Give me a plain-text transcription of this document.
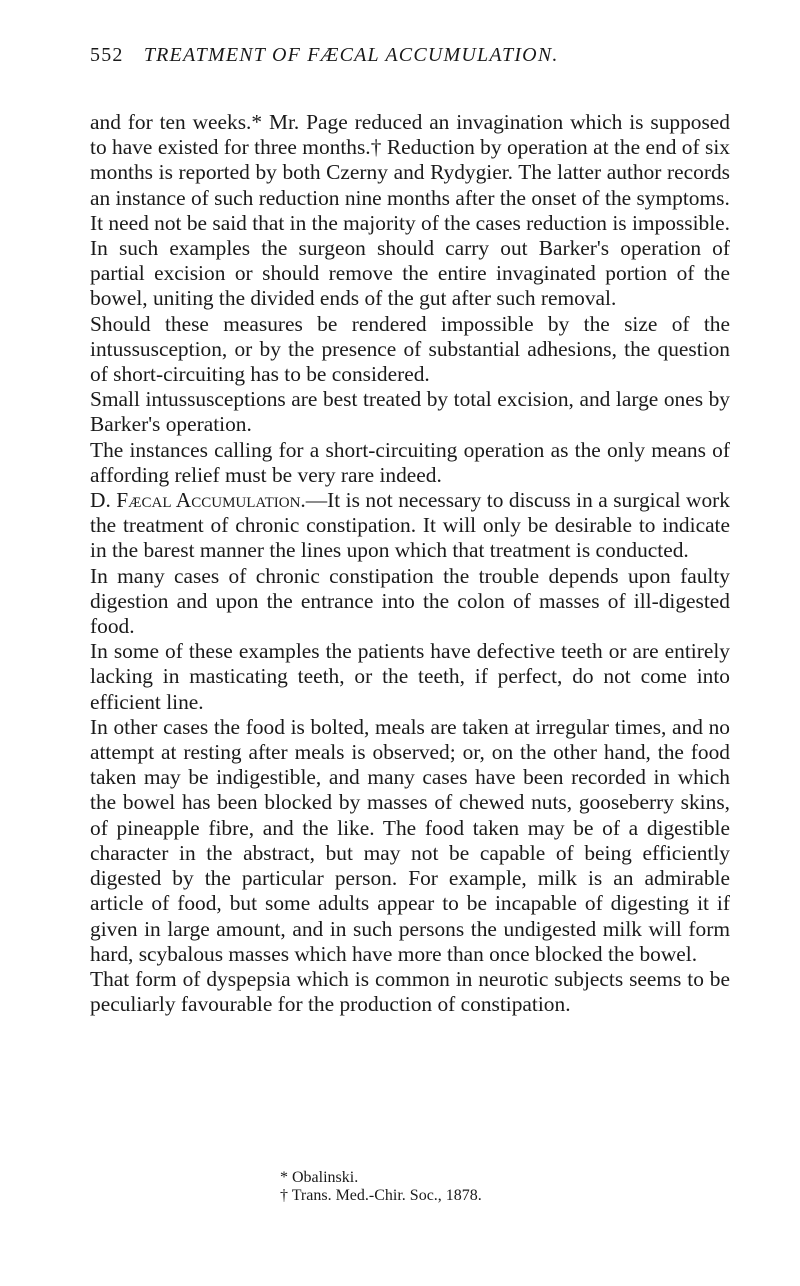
552 TREATMENT OF FÆCAL ACCUMULATION.

and for ten weeks.* Mr. Page reduced an invagination which is supposed to have existed for three months.† Reduction by operation at the end of six months is reported by both Czerny and Rydygier. The latter author records an instance of such reduction nine months after the onset of the symptoms.

It need not be said that in the majority of the cases reduction is impossible. In such examples the surgeon should carry out Barker's operation of partial excision or should remove the entire invaginated portion of the bowel, uniting the divided ends of the gut after such removal.

Should these measures be rendered impossible by the size of the intussusception, or by the presence of substantial adhesions, the question of short-circuiting has to be considered.

Small intussusceptions are best treated by total excision, and large ones by Barker's operation.

The instances calling for a short-circuiting operation as the only means of affording relief must be very rare indeed.

D. Fæcal Accumulation.—It is not necessary to discuss in a surgical work the treatment of chronic constipation. It will only be desirable to indicate in the barest manner the lines upon which that treatment is conducted.

In many cases of chronic constipation the trouble depends upon faulty digestion and upon the entrance into the colon of masses of ill-digested food.

In some of these examples the patients have defective teeth or are entirely lacking in masticating teeth, or the teeth, if perfect, do not come into efficient line.

In other cases the food is bolted, meals are taken at irregular times, and no attempt at resting after meals is observed; or, on the other hand, the food taken may be indigestible, and many cases have been recorded in which the bowel has been blocked by masses of chewed nuts, gooseberry skins, of pineapple fibre, and the like. The food taken may be of a digestible character in the abstract, but may not be capable of being efficiently digested by the particular person. For example, milk is an admirable article of food, but some adults appear to be incapable of digesting it if given in large amount, and in such persons the undigested milk will form hard, scybalous masses which have more than once blocked the bowel.

That form of dyspepsia which is common in neurotic subjects seems to be peculiarly favourable for the production of constipation.

* Obalinski.
† Trans. Med.-Chir. Soc., 1878.
